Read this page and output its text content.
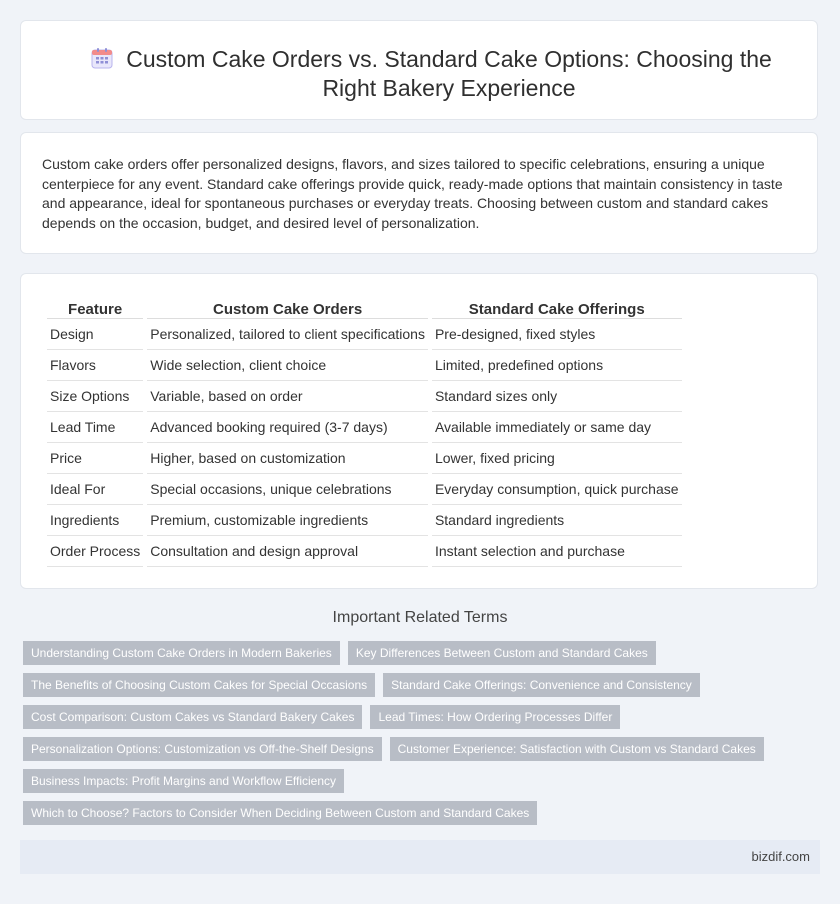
Custom Cake Orders vs. Standard Cake Options: Choosing the Right Bakery Experience

Custom cake orders offer personalized designs, flavors, and sizes tailored to specific celebrations, ensuring a unique centerpiece for any event. Standard cake offerings provide quick, ready-made options that maintain consistency in taste and appearance, ideal for spontaneous purchases or everyday treats. Choosing between custom and standard cakes depends on the occasion, budget, and desired level of personalization.

Feature	Custom Cake Orders	Standard Cake Offerings
Design	Personalized, tailored to client specifications	Pre-designed, fixed styles
Flavors	Wide selection, client choice	Limited, predefined options
Size Options	Variable, based on order	Standard sizes only
Lead Time	Advanced booking required (3-7 days)	Available immediately or same day
Price	Higher, based on customization	Lower, fixed pricing
Ideal For	Special occasions, unique celebrations	Everyday consumption, quick purchase
Ingredients	Premium, customizable ingredients	Standard ingredients
Order Process	Consultation and design approval	Instant selection and purchase
Important Related Terms
Understanding Custom Cake Orders in Modern Bakeries	Key Differences Between Custom and Standard Cakes
The Benefits of Choosing Custom Cakes for Special Occasions	Standard Cake Offerings: Convenience and Consistency
Cost Comparison: Custom Cakes vs Standard Bakery Cakes	Lead Times: How Ordering Processes Differ
Personalization Options: Customization vs Off-the-Shelf Designs	Customer Experience: Satisfaction with Custom vs Standard Cakes
Business Impacts: Profit Margins and Workflow Efficiency
Which to Choose? Factors to Consider When Deciding Between Custom and Standard Cakes
bizdif.com
